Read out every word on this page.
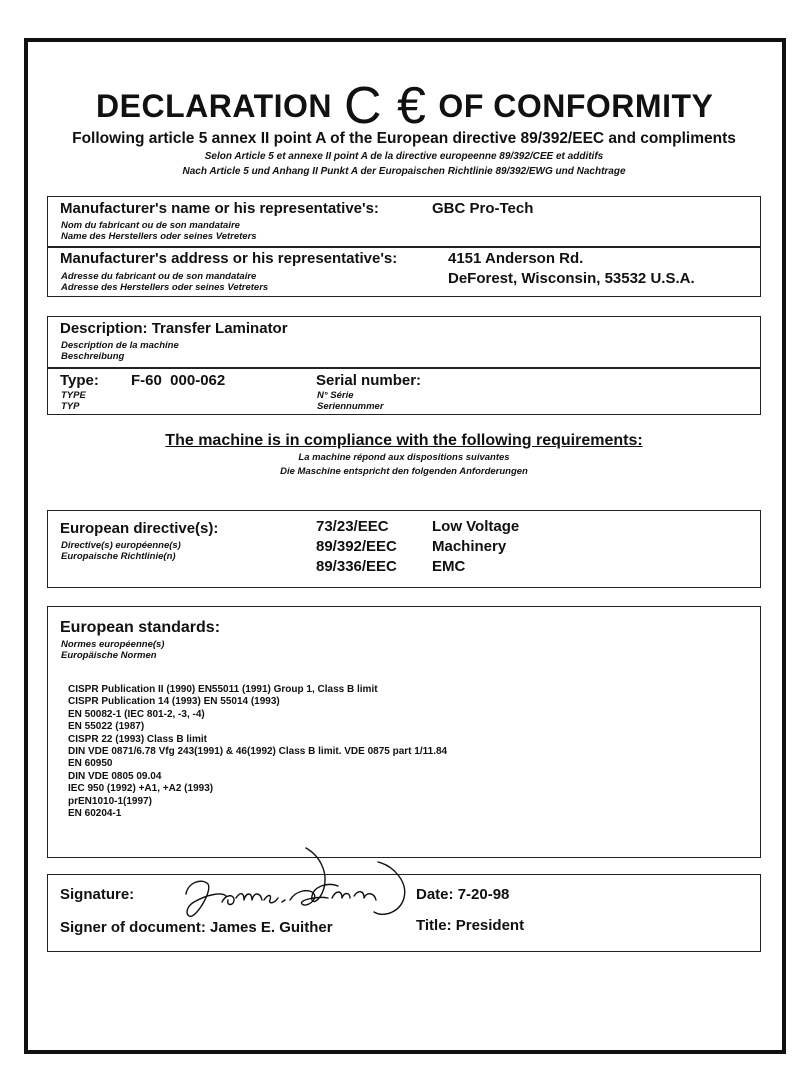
DECLARATION C € OF CONFORMITY
Following article 5 annex II point A of the European directive 89/392/EEC and compliments
Selon Article 5 et annexe II point A de la directive europeenne 89/392/CEE et additifs
Nach Article 5 und Anhang II Punkt A der Europaischen Richtlinie 89/392/EWG und Nachtrage
Manufacturer's name or his representative's:	GBC Pro-Tech
Nom du fabricant ou de son mandataire
Name des Herstellers oder seines Vetreters
Manufacturer's address or his representative's:	4151 Anderson Rd.
DeForest, Wisconsin, 53532 U.S.A.
Adresse du fabricant ou de son mandataire
Adresse des Herstellers oder seines Vetreters
Description: Transfer Laminator
Description de la machine
Beschreibung
Type: F-60  000-062
TYPE
TYP
Serial number:
N° Série
Seriennummer
The machine is in compliance with the following requirements:
La machine répond aux dispositions suivantes
Die Maschine entspricht den folgenden Anforderungen
European directive(s):
Directive(s) européenne(s)
Europaische Richtlinie(n)
73/23/EEC	Low Voltage
89/392/EEC Machinery
89/336/EEC EMC
European standards:
Normes européenne(s)
Europäische Normen
CISPR Publication II (1990) EN55011 (1991) Group 1, Class B limit
CISPR Publication 14 (1993) EN 55014 (1993)
EN 50082-1 (IEC 801-2, -3, -4)
EN 55022 (1987)
CISPR 22 (1993) Class B limit
DIN VDE 0871/6.78 Vfg 243(1991) & 46(1992) Class B limit. VDE 0875 part 1/11.84
EN 60950
DIN VDE 0805 09.04
IEC 950 (1992) +A1, +A2 (1993)
prEN1010-1(1997)
EN 60204-1
Signature:	Date: 7-20-98
Signer of document: James E. Guither	Title: President
